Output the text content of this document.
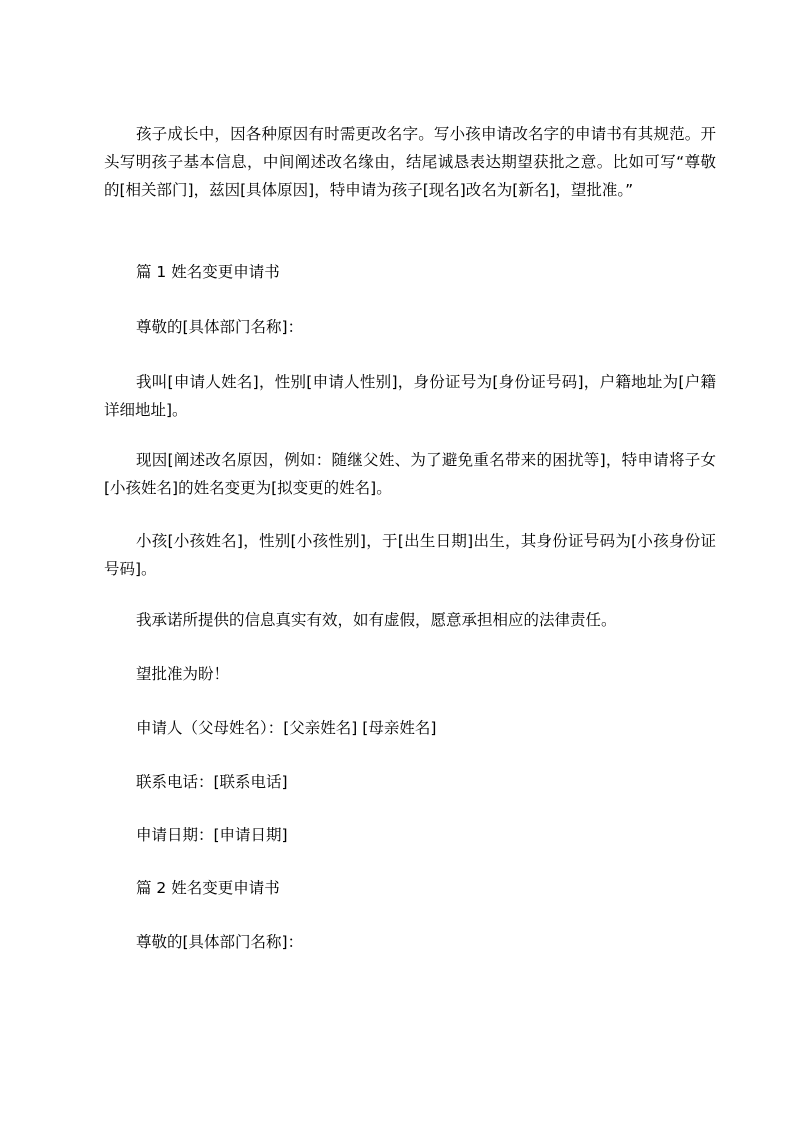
孩子成长中，因各种原因有时需更改名字。写小孩申请改名字的申请书有其规范。开头写明孩子基本信息，中间阐述改名缘由，结尾诚恳表达期望获批之意。比如可写“尊敬的[相关部门]，兹因[具体原因]，特申请为孩子[现名]改名为[新名]，望批准。”

篇 1 姓名变更申请书

尊敬的[具体部门名称]：

我叫[申请人姓名]，性别[申请人性别]，身份证号为[身份证号码]，户籍地址为[户籍详细地址]。

现因[阐述改名原因，例如：随继父姓、为了避免重名带来的困扰等]，特申请将子女[小孩姓名]的姓名变更为[拟变更的姓名]。

小孩[小孩姓名]，性别[小孩性别]，于[出生日期]出生，其身份证号码为[小孩身份证号码]。

我承诺所提供的信息真实有效，如有虚假，愿意承担相应的法律责任。

望批准为盼！

申请人（父母姓名）：[父亲姓名] [母亲姓名]

联系电话：[联系电话]

申请日期：[申请日期]

篇 2 姓名变更申请书

尊敬的[具体部门名称]：
